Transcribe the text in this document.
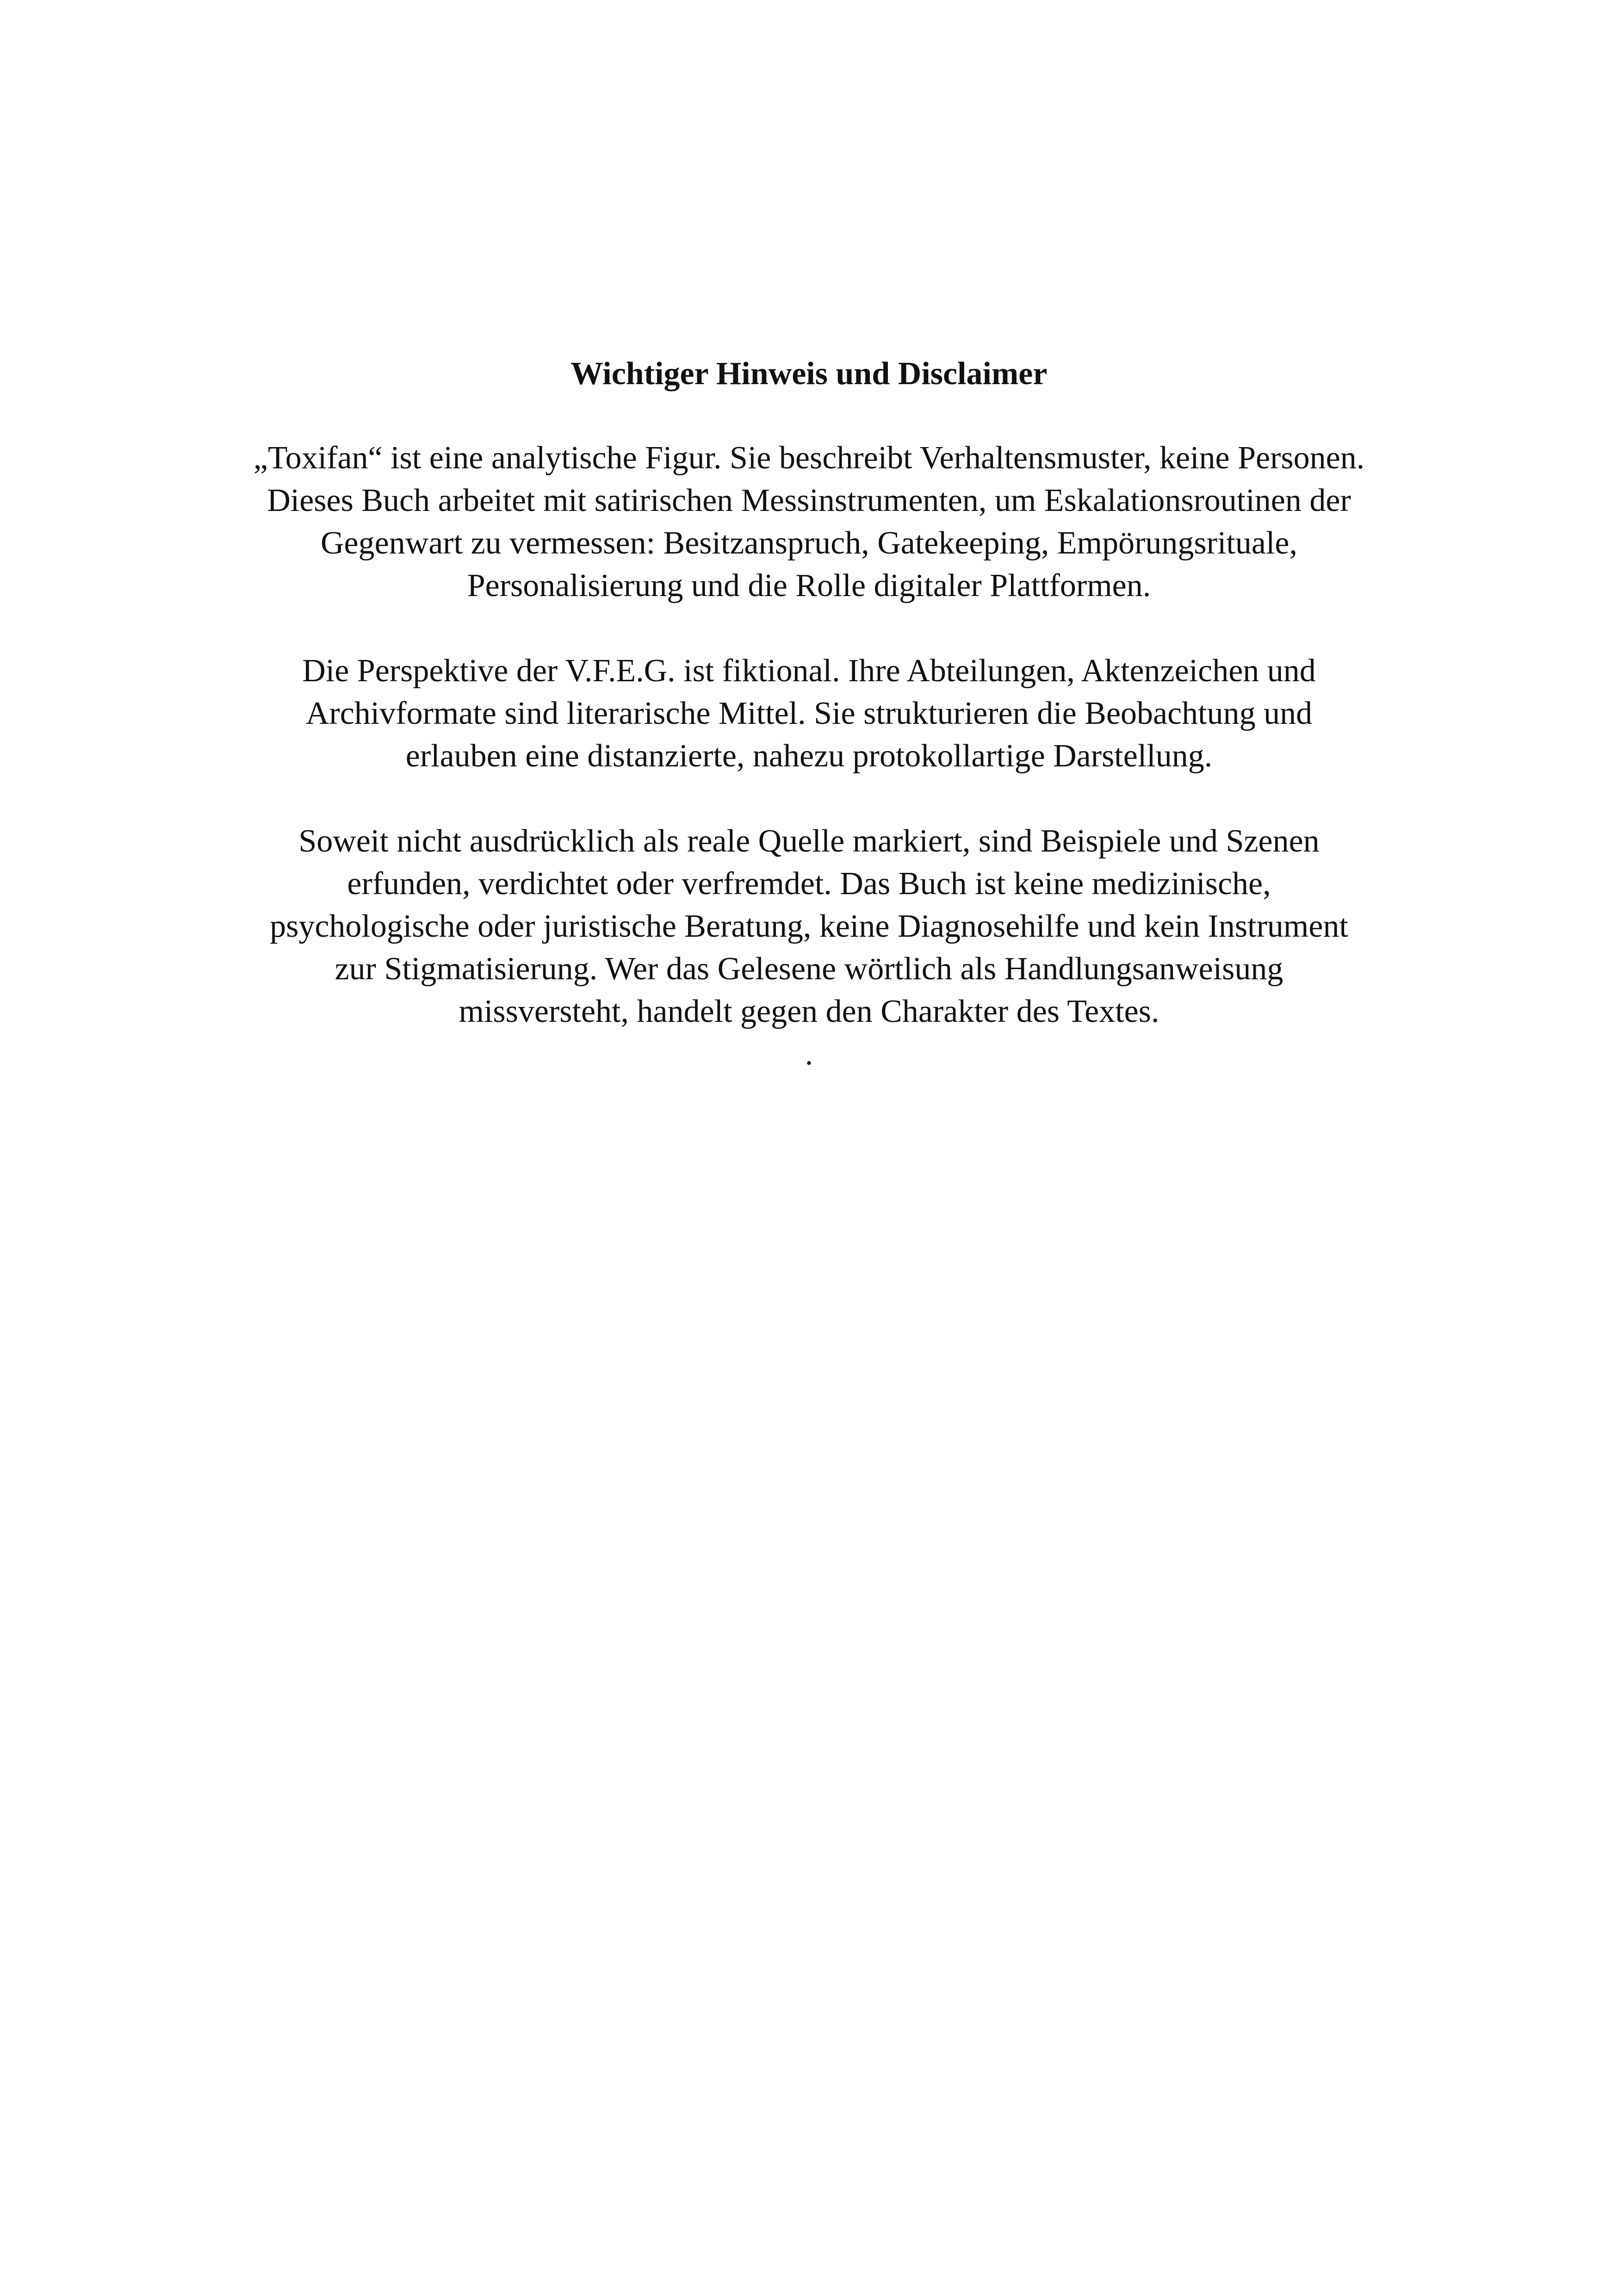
Wichtiger Hinweis und Disclaimer
„Toxifan“ ist eine analytische Figur. Sie beschreibt Verhaltensmuster, keine Personen.
Dieses Buch arbeitet mit satirischen Messinstrumenten, um Eskalationsroutinen der
Gegenwart zu vermessen: Besitzanspruch, Gatekeeping, Empörungsrituale,
Personalisierung und die Rolle digitaler Plattformen.
Die Perspektive der V.F.E.G. ist fiktional. Ihre Abteilungen, Aktenzeichen und
Archivformate sind literarische Mittel. Sie strukturieren die Beobachtung und
erlauben eine distanzierte, nahezu protokollartige Darstellung.
Soweit nicht ausdrücklich als reale Quelle markiert, sind Beispiele und Szenen
erfunden, verdichtet oder verfremdet. Das Buch ist keine medizinische,
psychologische oder juristische Beratung, keine Diagnosehilfe und kein Instrument
zur Stigmatisierung. Wer das Gelesene wörtlich als Handlungsanweisung
missversteht, handelt gegen den Charakter des Textes.
.
